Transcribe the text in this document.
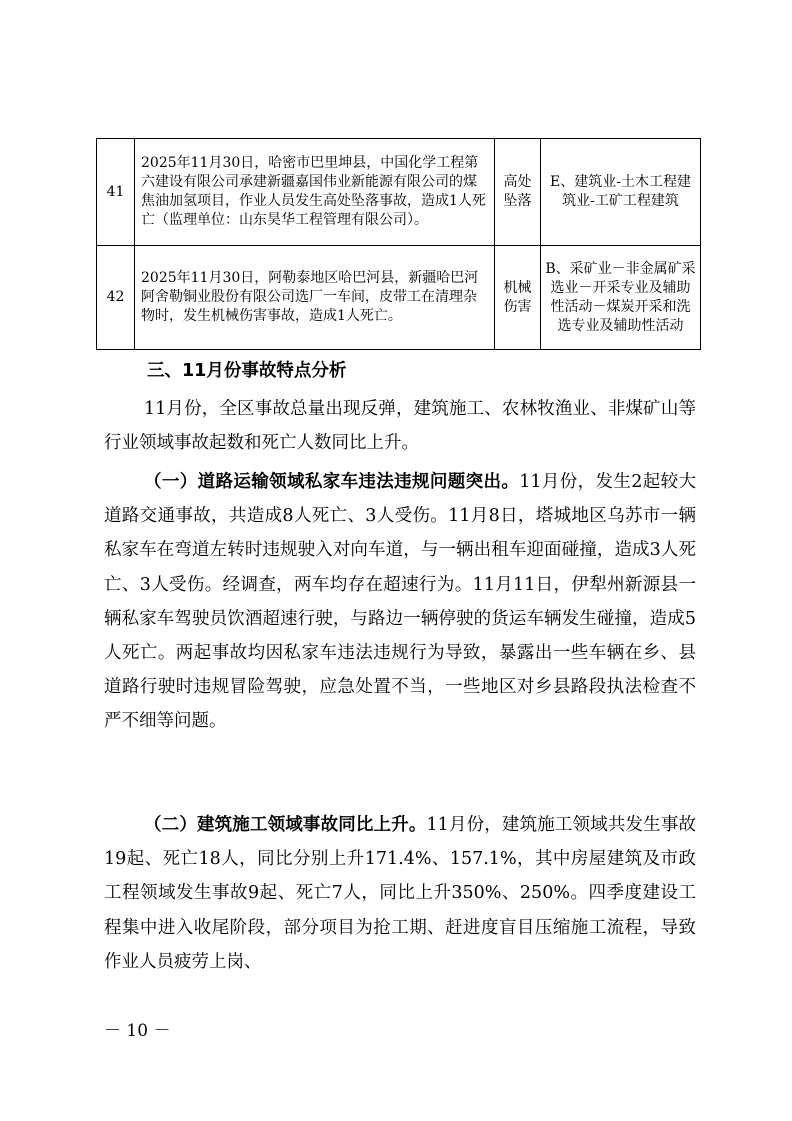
41	2025年11月30日，哈密市巴里坤县，中国化学工程第六建设有限公司承建新疆嘉国伟业新能源有限公司的煤焦油加氢项目，作业人员发生高处坠落事故，造成1人死亡（监理单位：山东昊华工程管理有限公司）。	高处坠落	E、建筑业-土木工程建筑业-工矿工程建筑
42	2025年11月30日，阿勒泰地区哈巴河县，新疆哈巴河阿舍勒铜业股份有限公司选厂一车间，皮带工在清理杂物时，发生机械伤害事故，造成1人死亡。	机械伤害	B、采矿业－非金属矿采选业－开采专业及辅助性活动－煤炭开采和洗选专业及辅助性活动
三、11月份事故特点分析

11月份，全区事故总量出现反弹，建筑施工、农林牧渔业、非煤矿山等行业领域事故起数和死亡人数同比上升。

（一）道路运输领域私家车违法违规问题突出。11月份，发生2起较大道路交通事故，共造成8人死亡、3人受伤。11月8日，塔城地区乌苏市一辆私家车在弯道左转时违规驶入对向车道，与一辆出租车迎面碰撞，造成3人死亡、3人受伤。经调查，两车均存在超速行为。11月11日，伊犁州新源县一辆私家车驾驶员饮酒超速行驶，与路边一辆停驶的货运车辆发生碰撞，造成5人死亡。两起事故均因私家车违法违规行为导致，暴露出一些车辆在乡、县道路行驶时违规冒险驾驶，应急处置不当，一些地区对乡县路段执法检查不严不细等问题。

（二）建筑施工领域事故同比上升。11月份，建筑施工领域共发生事故19起、死亡18人，同比分别上升171.4%、157.1%，其中房屋建筑及市政工程领域发生事故9起、死亡7人，同比上升350%、250%。四季度建设工程集中进入收尾阶段，部分项目为抢工期、赶进度盲目压缩施工流程，导致作业人员疲劳上岗、

－ 10 －
